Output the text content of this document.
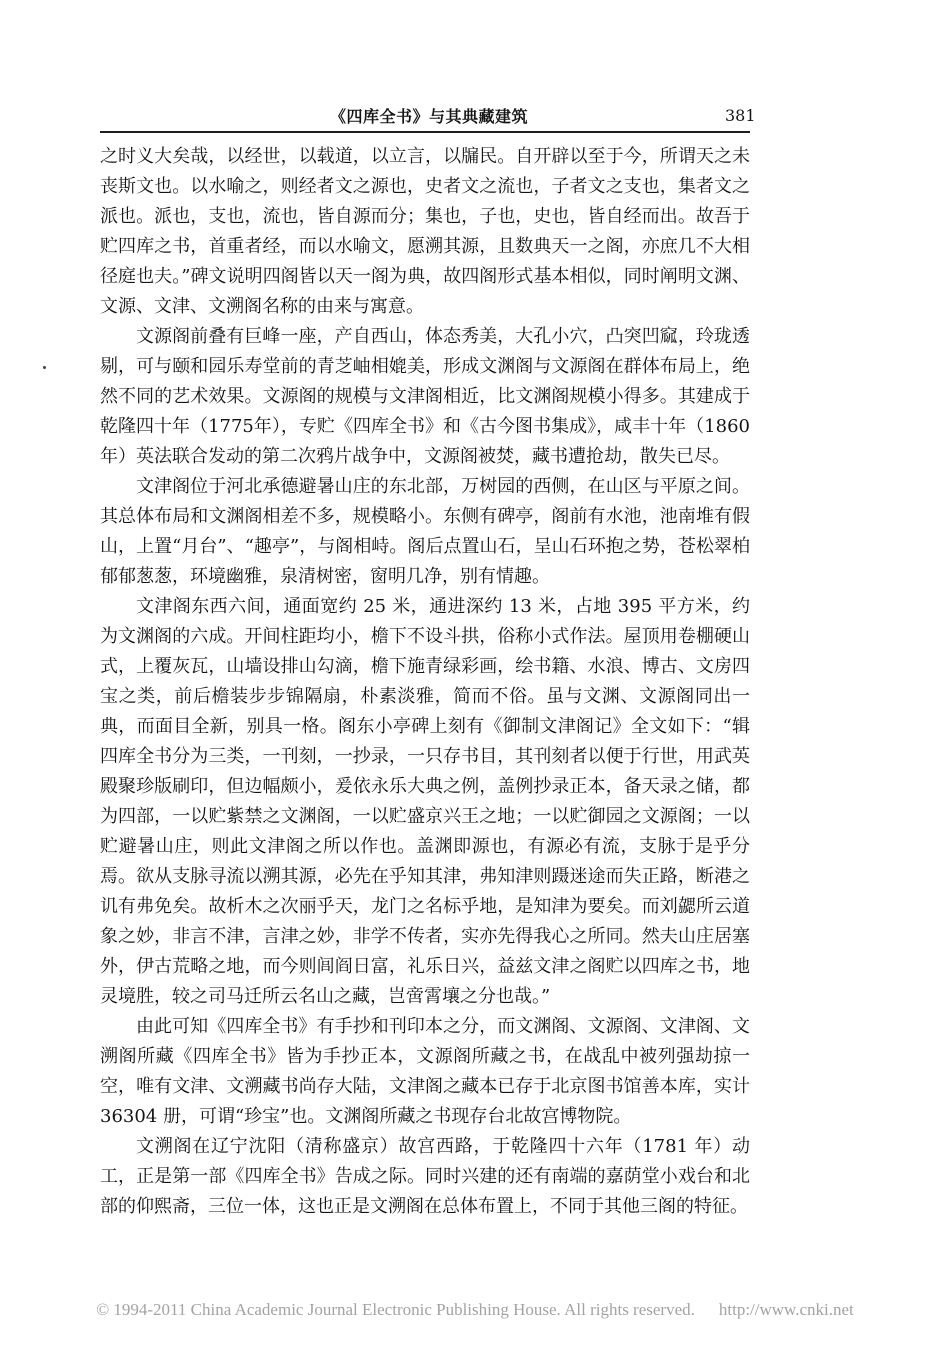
《四库全书》与其典藏建筑	381

之时义大矣哉，以经世，以载道，以立言，以牖民。自开辟以至于今，所谓天之未丧斯文也。以水喻之，则经者文之源也，史者文之流也，子者文之支也，集者文之派也。派也，支也，流也，皆自源而分；集也，子也，史也，皆自经而出。故吾于贮四库之书，首重者经，而以水喻文，愿溯其源，且数典天一之阁，亦庶几不大相径庭也夫。”碑文说明四阁皆以天一阁为典，故四阁形式基本相似，同时阐明文渊、文源、文津、文溯阁名称的由来与寓意。

文源阁前叠有巨峰一座，产自西山，体态秀美，大孔小穴，凸突凹窳，玲珑透剔，可与颐和园乐寿堂前的青芝岫相媲美，形成文渊阁与文源阁在群体布局上，绝然不同的艺术效果。文源阁的规模与文津阁相近，比文渊阁规模小得多。其建成于乾隆四十年（1775年），专贮《四库全书》和《古今图书集成》，咸丰十年（1860年）英法联合发动的第二次鸦片战争中，文源阁被焚，藏书遭抢劫，散失已尽。

文津阁位于河北承德避暑山庄的东北部，万树园的西侧，在山区与平原之间。其总体布局和文渊阁相差不多，规模略小。东侧有碑亭，阁前有水池，池南堆有假山，上置“月台”、“趣亭”，与阁相峙。阁后点置山石，呈山石环抱之势，苍松翠柏郁郁葱葱，环境幽雅，泉清树密，窗明几净，别有情趣。

文津阁东西六间，通面宽约 25 米，通进深约 13 米，占地 395 平方米，约为文渊阁的六成。开间柱距均小，檐下不设斗拱，俗称小式作法。屋顶用卷棚硬山式，上覆灰瓦，山墙设排山勾滴，檐下施青绿彩画，绘书籍、水浪、博古、文房四宝之类，前后檐装步步锦隔扇，朴素淡雅，简而不俗。虽与文渊、文源阁同出一典，而面目全新，别具一格。阁东小亭碑上刻有《御制文津阁记》全文如下：“辑四库全书分为三类，一刊刻，一抄录，一只存书目，其刊刻者以便于行世，用武英殿聚珍版刷印，但边幅颇小，爰依永乐大典之例，盖例抄录正本，备天录之储，都为四部，一以贮紫禁之文渊阁，一以贮盛京兴王之地；一以贮御园之文源阁；一以贮避暑山庄，则此文津阁之所以作也。盖渊即源也，有源必有流，支脉于是乎分焉。欲从支脉寻流以溯其源，必先在乎知其津，弗知津则蹑迷途而失正路，断港之讥有弗免矣。故析木之次丽乎天，龙门之名标乎地，是知津为要矣。而刘勰所云道象之妙，非言不津，言津之妙，非学不传者，实亦先得我心之所同。然夫山庄居塞外，伊古荒略之地，而今则闾阎日富，礼乐日兴，益兹文津之阁贮以四库之书，地灵境胜，较之司马迁所云名山之藏，岂啻霄壤之分也哉。”

由此可知《四库全书》有手抄和刊印本之分，而文渊阁、文源阁、文津阁、文溯阁所藏《四库全书》皆为手抄正本，文源阁所藏之书，在战乱中被列强劫掠一空，唯有文津、文溯藏书尚存大陆，文津阁之藏本已存于北京图书馆善本库，实计 36304 册，可谓“珍宝”也。文渊阁所藏之书现存台北故宫博物院。

文溯阁在辽宁沈阳（清称盛京）故宫西路，于乾隆四十六年（1781 年）动工，正是第一部《四库全书》告成之际。同时兴建的还有南端的嘉荫堂小戏台和北部的仰熙斋，三位一体，这也正是文溯阁在总体布置上，不同于其他三阁的特征。

© 1994-2011 China Academic Journal Electronic Publishing House. All rights reserved. http://www.cnki.net
